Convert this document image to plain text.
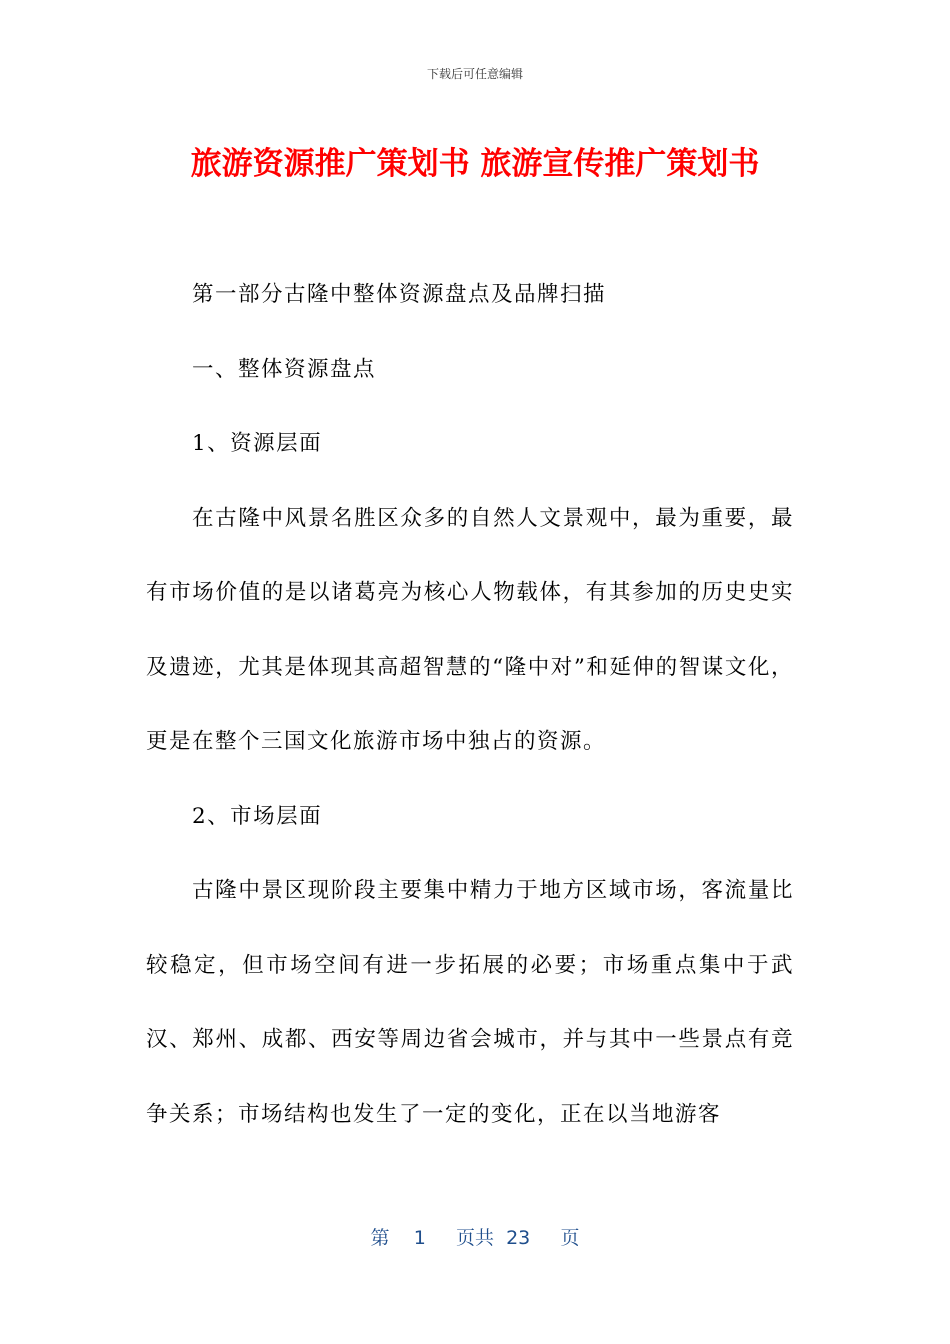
下载后可任意编辑
旅游资源推广策划书 旅游宣传推广策划书

第一部分古隆中整体资源盘点及品牌扫描

一、整体资源盘点

1、资源层面

在古隆中风景名胜区众多的自然人文景观中，最为重要，最有市场价值的是以诸葛亮为核心人物载体，有其参加的历史史实及遗迹，尤其是体现其高超智慧的“隆中对”和延伸的智谋文化，更是在整个三国文化旅游市场中独占的资源。

2、市场层面

古隆中景区现阶段主要集中精力于地方区域市场，客流量比较稳定，但市场空间有进一步拓展的必要；市场重点集中于武汉、郑州、成都、西安等周边省会城市，并与其中一些景点有竞争关系；市场结构也发生了一定的变化，正在以当地游客

第 1 页共 23 页
